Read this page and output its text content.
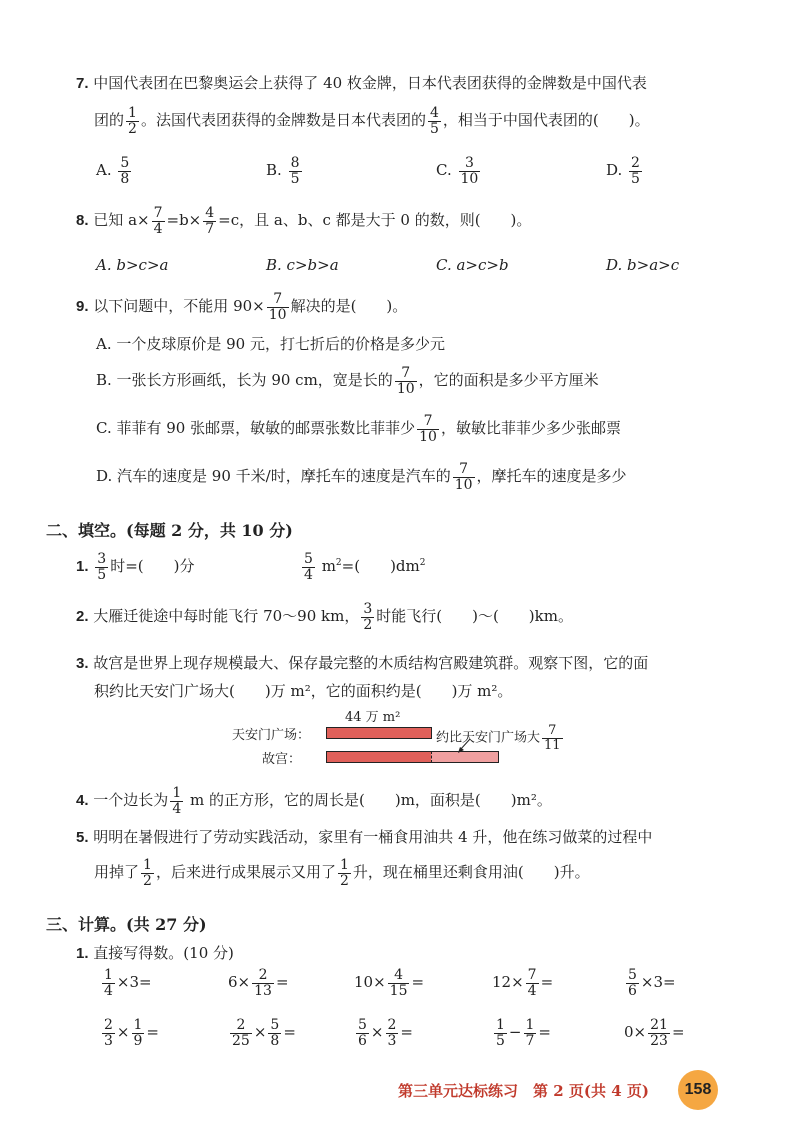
7. 中国代表团在巴黎奥运会上获得了 40 枚金牌，日本代表团获得的金牌数是中国代表
团的 $\frac{1}{2}$ 。法国代表团获得的金牌数是日本代表团的 $\frac{4}{5}$ ，相当于中国代表团的(　　)。
A. $\frac{5}{8}$	B. $\frac{8}{5}$	C. $\frac{3}{10}$	D. $\frac{2}{5}$
8. 已知 $a\times \frac{7}{4} =b\times \frac{4}{7} =c$，且 a、b、c 都是大于 0 的数，则(　　)。
A. b>c>a	B. c>b>a	C. a>c>b	D. b>a>c
9. 以下问题中，不能用 $90\times \frac{7}{10}$ 解决的是(　　)。
A. 一个皮球原价是 90 元，打七折后的价格是多少元
B. 一张长方形画纸，长为 90 cm，宽是长的 $\frac{7}{10}$ ，它的面积是多少平方厘米
C. 菲菲有 90 张邮票，敏敏的邮票张数比菲菲少 $\frac{7}{10}$ ，敏敏比菲菲少多少张邮票
D. 汽车的速度是 90 千米/时，摩托车的速度是汽车的 $\frac{7}{10}$ ，摩托车的速度是多少
二、填空。(每题 2 分，共 10 分)
1. $\frac{3}{5}$ 时=(　　)分	$\frac{5}{4} m^2=$(　　)$dm^2$
2. 大雁迁徙途中每时能飞行 70～90 km， $\frac{3}{2}$ 时能飞行(　　)～(　　)km。
3. 故宫是世界上现存规模最大、保存最完整的木质结构宫殿建筑群。观察下图，它的面
积约比天安门广场大(　　)万 m²，它的面积约是(　　)万 m²。
44 万 m²
天安门广场：
故宫：
约比天安门广场大 $\frac{7}{11}$
4. 一个边长为 $\frac{1}{4}$ m 的正方形，它的周长是(　　)m，面积是(　　)m²。
5. 明明在暑假进行了劳动实践活动，家里有一桶食用油共 4 升，他在练习做菜的过程中
用掉了 $\frac{1}{2}$ ，后来进行成果展示又用了 $\frac{1}{2}$ 升，现在桶里还剩食用油(　　)升。
三、计算。(共 27 分)
1. 直接写得数。(10 分)
$\frac{1}{4} \times 3=$	$6\times \frac{2}{13}$ =	$10\times \frac{4}{15}$ =	$12\times \frac{7}{4}$ =	$\frac{5}{6} \times 3=$
$\frac{2}{3} \times \frac{1}{9}$ =	$\frac{2}{25} \times \frac{5}{8}$ =	$\frac{5}{6} \times \frac{2}{3}$ =	$\frac{1}{5} - \frac{1}{7}$ =	$0\times \frac{21}{23}$ =
第三单元达标练习　第 2 页(共 4 页)	158
